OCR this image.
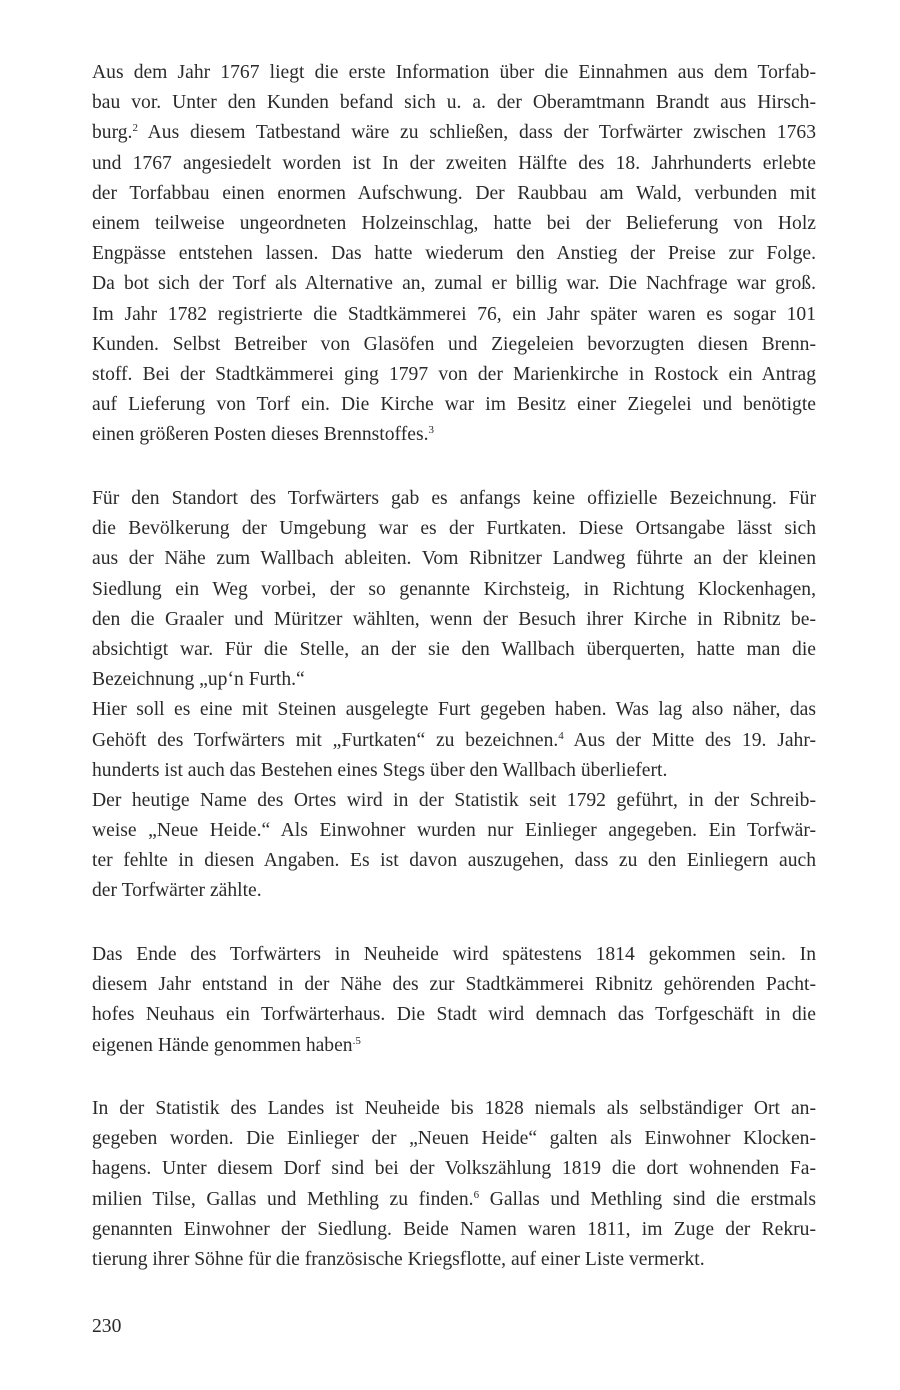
Aus dem Jahr 1767 liegt die erste Information über die Einnahmen aus dem Torfab-
bau vor. Unter den Kunden befand sich u. a. der Oberamtmann Brandt aus Hirsch-
burg.$^2$ Aus diesem Tatbestand wäre zu schließen, dass der Torfwärter zwischen 1763
und 1767 angesiedelt worden ist In der zweiten Hälfte des 18. Jahrhunderts erlebte
der Torfabbau einen enormen Aufschwung. Der Raubbau am Wald, verbunden mit
einem teilweise ungeordneten Holzeinschlag, hatte bei der Belieferung von Holz
Engpässe entstehen lassen. Das hatte wiederum den Anstieg der Preise zur Folge.
Da bot sich der Torf als Alternative an, zumal er billig war. Die Nachfrage war groß.
Im Jahr 1782 registrierte die Stadtkämmerei 76, ein Jahr später waren es sogar 101
Kunden. Selbst Betreiber von Glasöfen und Ziegeleien bevorzugten diesen Brenn-
stoff. Bei der Stadtkämmerei ging 1797 von der Marienkirche in Rostock ein Antrag
auf Lieferung von Torf ein. Die Kirche war im Besitz einer Ziegelei und benötigte
einen größeren Posten dieses Brennstoffes.$^3$

Für den Standort des Torfwärters gab es anfangs keine offizielle Bezeichnung. Für
die Bevölkerung der Umgebung war es der Furtkaten. Diese Ortsangabe lässt sich
aus der Nähe zum Wallbach ableiten. Vom Ribnitzer Landweg führte an der kleinen
Siedlung ein Weg vorbei, der so genannte Kirchsteig, in Richtung Klockenhagen,
den die Graaler und Müritzer wählten, wenn der Besuch ihrer Kirche in Ribnitz be-
absichtigt war. Für die Stelle, an der sie den Wallbach überquerten, hatte man die
Bezeichnung „up‘n Furth.“
Hier soll es eine mit Steinen ausgelegte Furt gegeben haben. Was lag also näher, das
Gehöft des Torfwärters mit „Furtkaten“ zu bezeichnen.$^4$ Aus der Mitte des 19. Jahr-
hunderts ist auch das Bestehen eines Stegs über den Wallbach überliefert.
Der heutige Name des Ortes wird in der Statistik seit 1792 geführt, in der Schreib-
weise „Neue Heide.“ Als Einwohner wurden nur Einlieger angegeben. Ein Torfwär-
ter fehlte in diesen Angaben. Es ist davon auszugehen, dass zu den Einliegern auch
der Torfwärter zählte.

Das Ende des Torfwärters in Neuheide wird spätestens 1814 gekommen sein. In
diesem Jahr entstand in der Nähe des zur Stadtkämmerei Ribnitz gehörenden Pacht-
hofes Neuhaus ein Torfwärterhaus. Die Stadt wird demnach das Torfgeschäft in die
eigenen Hände genommen haben$^{.5}$

In der Statistik des Landes ist Neuheide bis 1828 niemals als selbständiger Ort an-
gegeben worden. Die Einlieger der „Neuen Heide“ galten als Einwohner Klocken-
hagens. Unter diesem Dorf sind bei der Volkszählung 1819 die dort wohnenden Fa-
milien Tilse, Gallas und Methling zu finden.$^6$ Gallas und Methling sind die erstmals
genannten Einwohner der Siedlung. Beide Namen waren 1811, im Zuge der Rekru-
tierung ihrer Söhne für die französische Kriegsflotte, auf einer Liste vermerkt.

230
